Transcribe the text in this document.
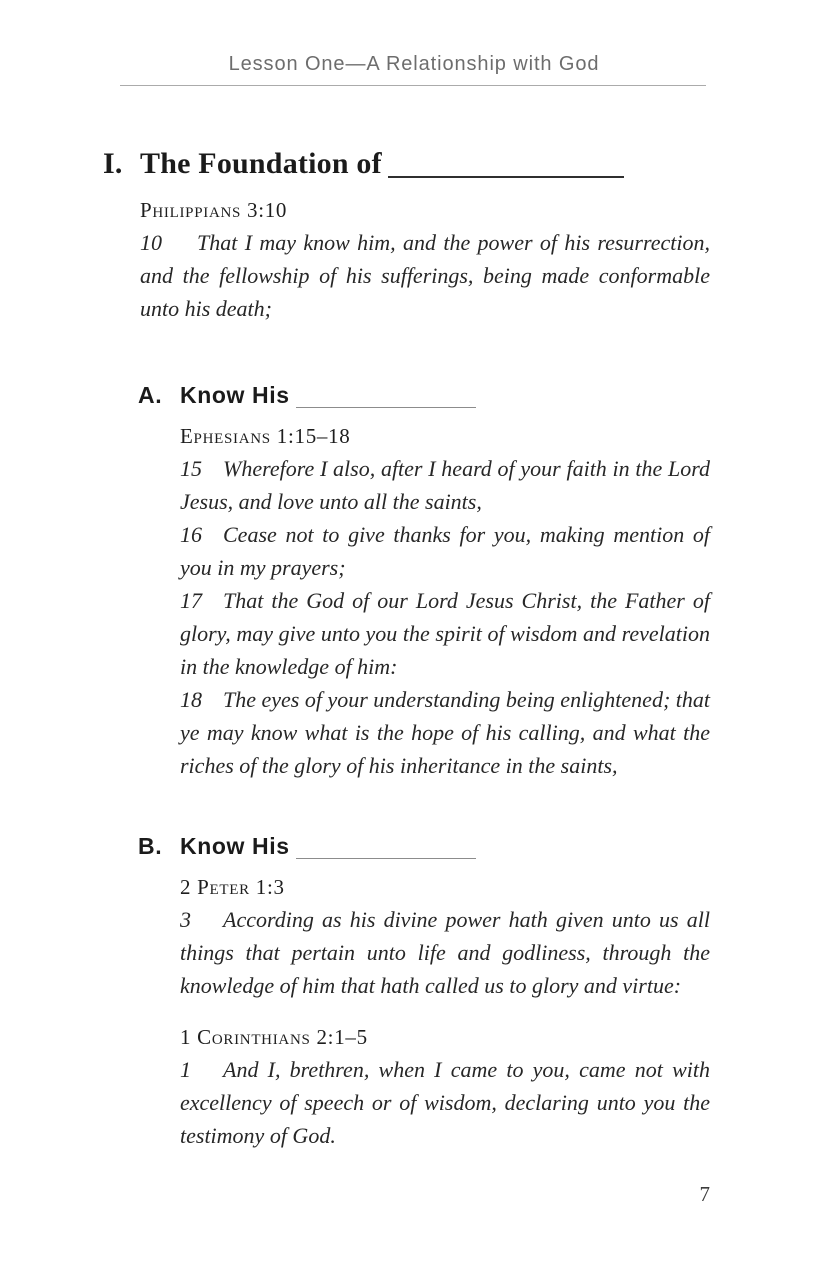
Lesson One—A Relationship with God
I. The Foundation of
Philippians 3:10

10 That I may know him, and the power of his resurrection, and the fellowship of his sufferings, being made conformable unto his death;

A. Know His
Ephesians 1:15–18

15 Wherefore I also, after I heard of your faith in the Lord Jesus, and love unto all the saints,

16 Cease not to give thanks for you, making mention of you in my prayers;

17 That the God of our Lord Jesus Christ, the Father of glory, may give unto you the spirit of wisdom and revelation in the knowledge of him:

18 The eyes of your understanding being enlightened; that ye may know what is the hope of his calling, and what the riches of the glory of his inheritance in the saints,

B. Know His
2 Peter 1:3

3 According as his divine power hath given unto us all things that pertain unto life and godliness, through the knowledge of him that hath called us to glory and virtue:

1 Corinthians 2:1–5

1 And I, brethren, when I came to you, came not with excellency of speech or of wisdom, declaring unto you the testimony of God.

7
